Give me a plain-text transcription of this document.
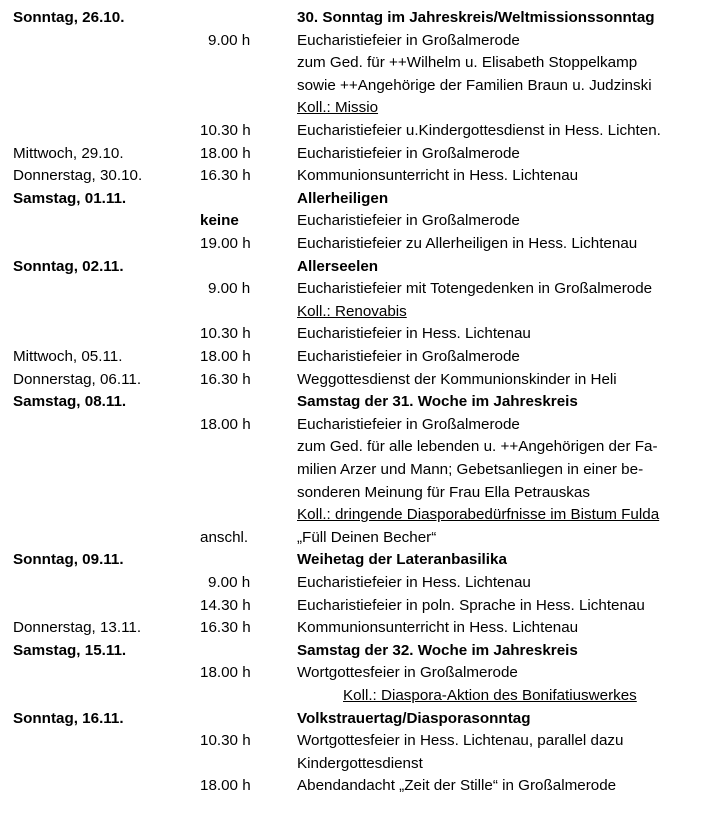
Sonntag, 26.10.	30. Sonntag im Jahreskreis/Weltmissionssonntag
9.00 h	Eucharistiefeier in Großalmerode
zum Ged. für ++Wilhelm u. Elisabeth Stoppelkamp
sowie ++Angehörige der Familien Braun u. Judzinski
Koll.: Missio
10.30 h	Eucharistiefeier u.Kindergottesdienst in Hess. Lichten.
Mittwoch, 29.10.	18.00 h	Eucharistiefeier in Großalmerode
Donnerstag, 30.10.	16.30 h	Kommunionsunterricht in Hess. Lichtenau
Samstag, 01.11.	Allerheiligen
keine	Eucharistiefeier in Großalmerode
19.00 h	Eucharistiefeier zu Allerheiligen in Hess. Lichtenau
Sonntag, 02.11.	Allerseelen
9.00 h	Eucharistiefeier mit Totengedenken in Großalmerode
Koll.: Renovabis
10.30 h	Eucharistiefeier in Hess. Lichtenau
Mittwoch, 05.11.	18.00 h	Eucharistiefeier in Großalmerode
Donnerstag, 06.11.	16.30 h	Weggottesdienst der Kommunionskinder in Heli
Samstag, 08.11.	Samstag der 31. Woche im Jahreskreis
18.00 h	Eucharistiefeier in Großalmerode
zum Ged. für alle lebenden u. ++Angehörigen der Fa-
milien Arzer und Mann; Gebetsanliegen in einer be-
sonderen Meinung für Frau Ella Petrauskas
Koll.: dringende Diasporabedürfnisse im Bistum Fulda
anschl.	„Füll Deinen Becher“
Sonntag, 09.11.	Weihetag der Lateranbasilika
9.00 h	Eucharistiefeier in Hess. Lichtenau
14.30 h	Eucharistiefeier in poln. Sprache in Hess. Lichtenau
Donnerstag, 13.11.	16.30 h	Kommunionsunterricht in Hess. Lichtenau
Samstag, 15.11.	Samstag der 32. Woche im Jahreskreis
18.00 h	Wortgottesfeier in Großalmerode
Koll.: Diaspora-Aktion des Bonifatiuswerkes
Sonntag, 16.11.	Volkstrauertag/Diasporasonntag
10.30 h	Wortgottesfeier in Hess. Lichtenau, parallel dazu
Kindergottesdienst
18.00 h	Abendandacht „Zeit der Stille“ in Großalmerode
